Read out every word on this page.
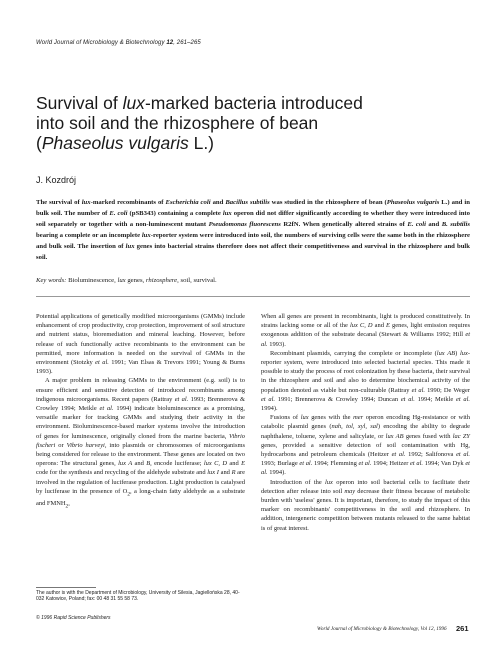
World Journal of Microbiology & Biotechnology 12, 261–265
Survival of lux-marked bacteria introduced
into soil and the rhizosphere of bean
(Phaseolus vulgaris L.)
J. Kozdrój

The survival of lux-marked recombinants of Escherichia coli and Bacillus subtilis was studied in the rhizosphere of bean (Phaseolus vulgaris L.) and in bulk soil. The number of E. coli (pSB343) containing a complete lux operon did not differ significantly according to whether they were introduced into soil separately or together with a non-luminescent mutant Pseudomonas fluorescens R2fN. When genetically altered strains of E. coli and B. subtilis bearing a complete or an incomplete lux-reporter system were introduced into soil, the numbers of surviving cells were the same both in the rhizosphere and bulk soil. The insertion of lux genes into bacterial strains therefore does not affect their competitiveness and survival in the rhizosphere and bulk soil.

Key words: Bioluminescence, lux genes, rhizosphere, soil, survival.

Potential applications of genetically modified microorganisms (GMMs) include enhancement of crop productivity, crop protection, improvement of soil structure and nutrient status, bioremediation and mineral leaching. However, before release of such functionally active recombinants to the environment can be permitted, more information is needed on the survival of GMMs in the environment (Stotzky et al. 1991; Van Elsas & Trevors 1991; Young & Burns 1993).

A major problem in releasing GMMs to the environment (e.g. soil) is to ensure efficient and sensitive detection of introduced recombinants among indigenous microorganisms. Recent papers (Rattray et al. 1993; Brennerova & Crowley 1994; Meikle et al. 1994) indicate bioluminescence as a promising, versatile marker for tracking GMMs and studying their activity in the environment. Bioluminescence-based marker systems involve the introduction of genes for luminescence, originally cloned from the marine bacteria, Vibrio fischeri or Vibrio harveyi, into plasmids or chromosomes of microorganisms being considered for release to the environment. These genes are located on two operons: The structural genes, lux A and B, encode luciferase; lux C, D and E code for the synthesis and recycling of the aldehyde substrate and lux I and R are involved in the regulation of luciferase production. Light production is catalysed by luciferase in the presence of $O_2$, a long-chain fatty aldehyde as a substrate and $FMNH_2$,

When all genes are present in recombinants, light is produced constitutively. In strains lacking some or all of the lux C, D and E genes, light emission requires exogenous addition of the substrate decanal (Stewart & Williams 1992; Hill et al. 1993).

Recombinant plasmids, carrying the complete or incomplete (lux AB) lux-reporter system, were introduced into selected bacterial species. This made it possible to study the process of root colonization by these bacteria, their survival in the rhizosphere and soil and also to determine biochemical activity of the population denoted as viable but non-culturable (Rattray et al. 1990; De Weger et al. 1991; Brennerova & Crowley 1994; Duncan et al. 1994; Meikle et al. 1994).

Fusions of lux genes with the mer operon encoding Hg-resistance or with catabolic plasmid genes (nah, tol, xyl, sal) encoding the ability to degrade naphthalene, toluene, xylene and salicylate, or lux AB genes fused with lac ZY genes, provided a sensitive detection of soil contamination with Hg, hydrocarbons and petroleum chemicals (Heitzer et al. 1992; Salifonova et al. 1993; Burlage et al. 1994; Flemming et al. 1994; Heitzer et al. 1994; Van Dyk et al. 1994).

Introduction of the lux operon into soil bacterial cells to facilitate their detection after release into soil may decrease their fitness because of metabolic burden with 'useless' genes. It is important, therefore, to study the impact of this marker on recombinants' competitiveness in the soil and rhizosphere. In addition, intergeneric competition between mutants released to the same habitat is of great interest.

The author is with the Department of Microbiology, University of Silesia, Jagiellońska 28, 40-032 Katowice, Poland; fax: 00 48 31 55 58 73.
© 1996 Rapid Science Publishers
World Journal of Microbiology & Biotechnology, Vol 12, 1996 261
